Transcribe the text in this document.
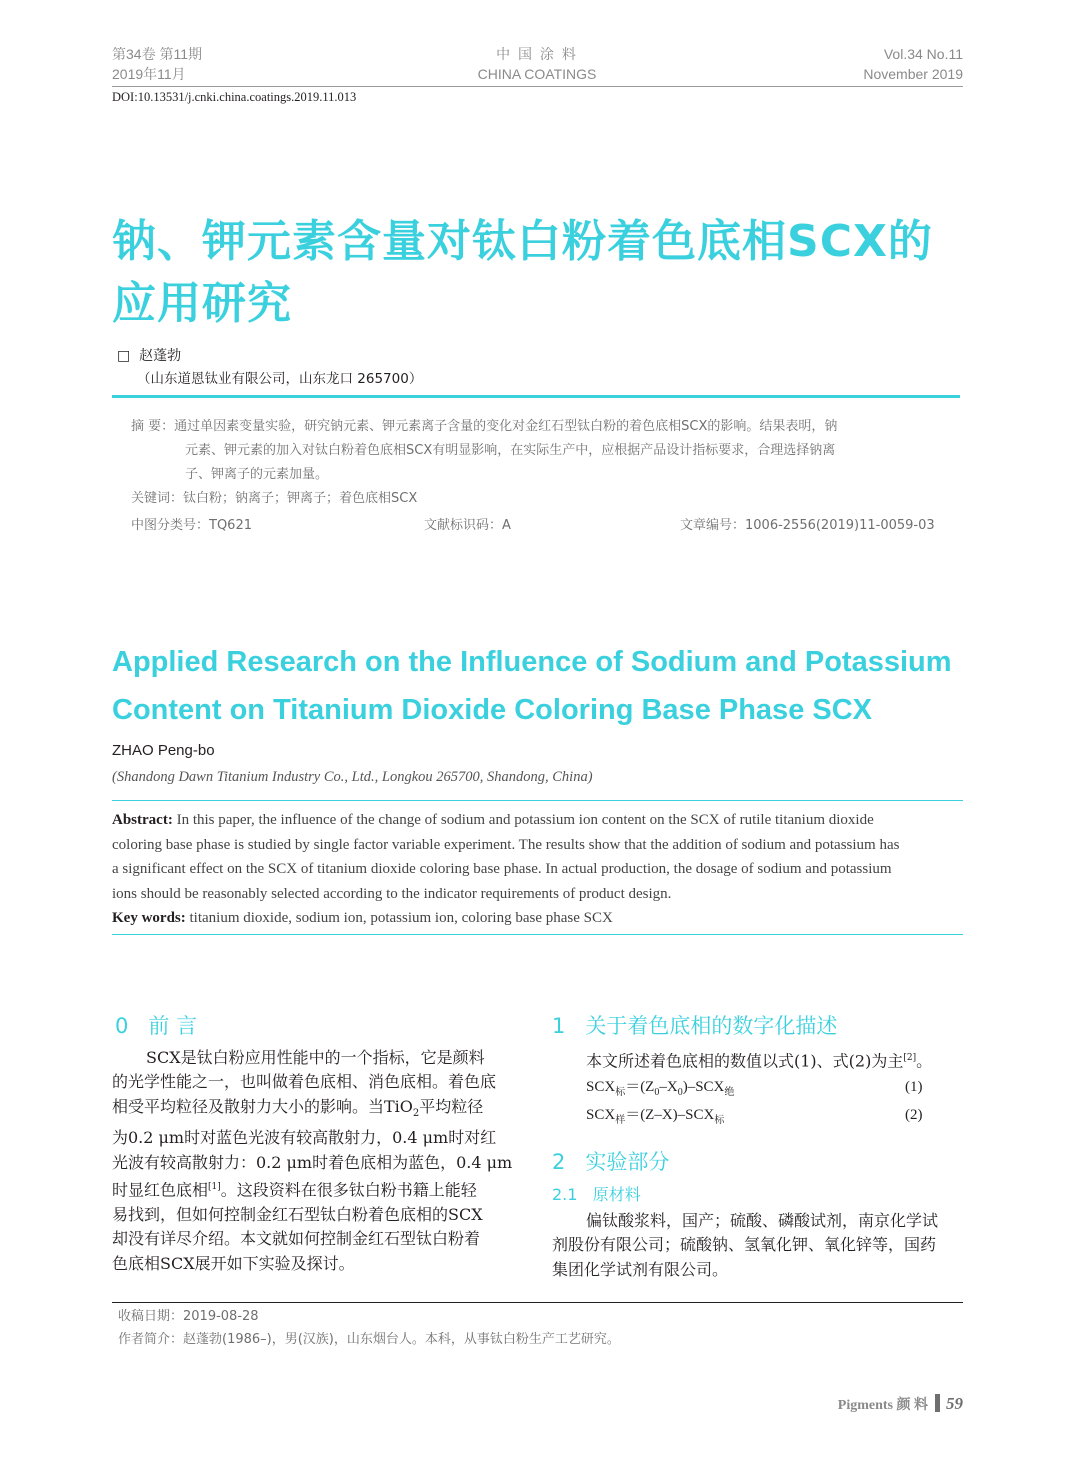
第34卷 第11期
2019年11月
中 国 涂 料
CHINA COATINGS
Vol.34 No.11
November 2019
DOI:10.13531/j.cnki.china.coatings.2019.11.013
钠、钾元素含量对钛白粉着色底相SCX的
应用研究
□ 赵蓬勃
（山东道恩钛业有限公司，山东龙口 265700）
摘 要：通过单因素变量实验，研究钠元素、钾元素离子含量的变化对金红石型钛白粉的着色底相SCX的影响。结果表明，钠
元素、钾元素的加入对钛白粉着色底相SCX有明显影响，在实际生产中，应根据产品设计指标要求，合理选择钠离
子、钾离子的元素加量。
关键词：钛白粉；钠离子；钾离子；着色底相SCX
中图分类号：TQ621	文献标识码：A	文章编号：1006-2556(2019)11-0059-03
Applied Research on the Influence of Sodium and Potassium
Content on Titanium Dioxide Coloring Base Phase SCX
ZHAO Peng-bo
(Shandong Dawn Titanium Industry Co., Ltd., Longkou 265700, Shandong, China)
Abstract: In this paper, the influence of the change of sodium and potassium ion content on the SCX of rutile titanium dioxide
coloring base phase is studied by single factor variable experiment. The results show that the addition of sodium and potassium has
a significant effect on the SCX of titanium dioxide coloring base phase. In actual production, the dosage of sodium and potassium
ions should be reasonably selected according to the indicator requirements of product design.
Key words: titanium dioxide, sodium ion, potassium ion, coloring base phase SCX
0 前 言
SCX是钛白粉应用性能中的一个指标，它是颜料
的光学性能之一，也叫做着色底相、消色底相。着色底
相受平均粒径及散射力大小的影响。当TiO$_2$平均粒径
为0.2 μm时对蓝色光波有较高散射力，0.4 μm时对红
光波有较高散射力：0.2 μm时着色底相为蓝色，0.4 μm
时显红色底相[1]。这段资料在很多钛白粉书籍上能轻
易找到，但如何控制金红石型钛白粉着色底相的SCX
却没有详尽介绍。本文就如何控制金红石型钛白粉着
色底相SCX展开如下实验及探讨。
1 关于着色底相的数字化描述
本文所述着色底相的数值以式(1)、式(2)为主[2]。
$SCX_标=(Z_0-X_0)-SCX_绝$	(1)
$SCX_样=(Z-X)-SCX_标$	(2)
2 实验部分
2.1 原材料
偏钛酸浆料，国产；硫酸、磷酸试剂，南京化学试
剂股份有限公司；硫酸钠、氢氧化钾、氧化锌等，国药
集团化学试剂有限公司。
收稿日期：2019-08-28
作者简介：赵蓬勃(1986–)，男(汉族)，山东烟台人。本科，从事钛白粉生产工艺研究。
Pigments 颜 料 59
